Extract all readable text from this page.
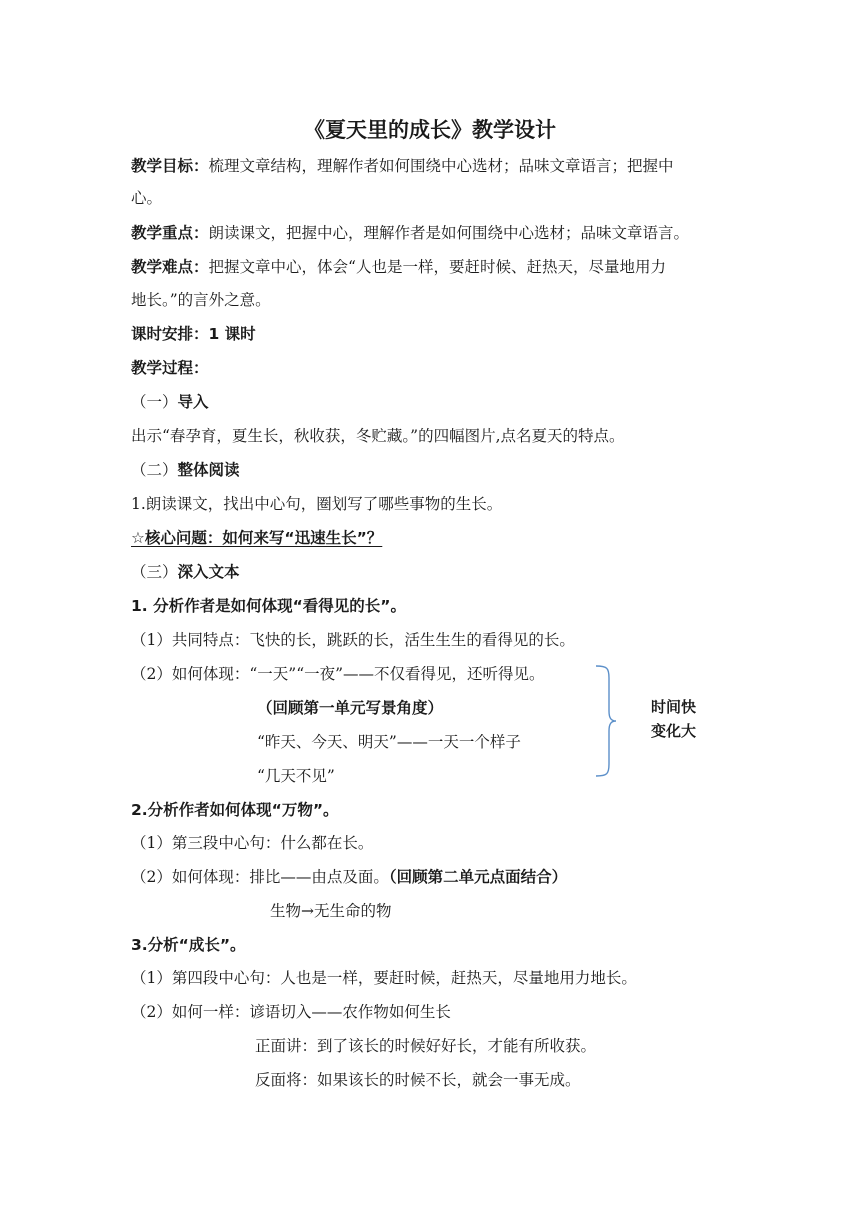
《夏天里的成长》教学设计
教学目标：梳理文章结构，理解作者如何围绕中心选材；品味文章语言；把握中
心。
教学重点：朗读课文，把握中心，理解作者是如何围绕中心选材；品味文章语言。
教学难点：把握文章中心，体会“人也是一样，要赶时候、赶热天，尽量地用力
地长。”的言外之意。
课时安排：1 课时
教学过程：
（一）导入
出示“春孕育，夏生长，秋收获，冬贮藏。”的四幅图片,点名夏天的特点。
（二）整体阅读
1.朗读课文，找出中心句，圈划写了哪些事物的生长。
☆核心问题：如何来写“迅速生长”？
（三）深入文本
1. 分析作者是如何体现“看得见的长”。
（1）共同特点：飞快的长，跳跃的长，活生生生的看得见的长。
（2）如何体现：“一天”“一夜”——不仅看得见，还听得见。
（回顾第一单元写景角度）
“昨天、今天、明天”——一天一个样子
“几天不见”
时间快
变化大
2.分析作者如何体现“万物”。
（1）第三段中心句：什么都在长。
（2）如何体现：排比——由点及面。（回顾第二单元点面结合）
生物→无生命的物
3.分析“成长”。
（1）第四段中心句：人也是一样，要赶时候，赶热天，尽量地用力地长。
（2）如何一样：谚语切入——农作物如何生长
正面讲：到了该长的时候好好长，才能有所收获。
反面将：如果该长的时候不长，就会一事无成。
